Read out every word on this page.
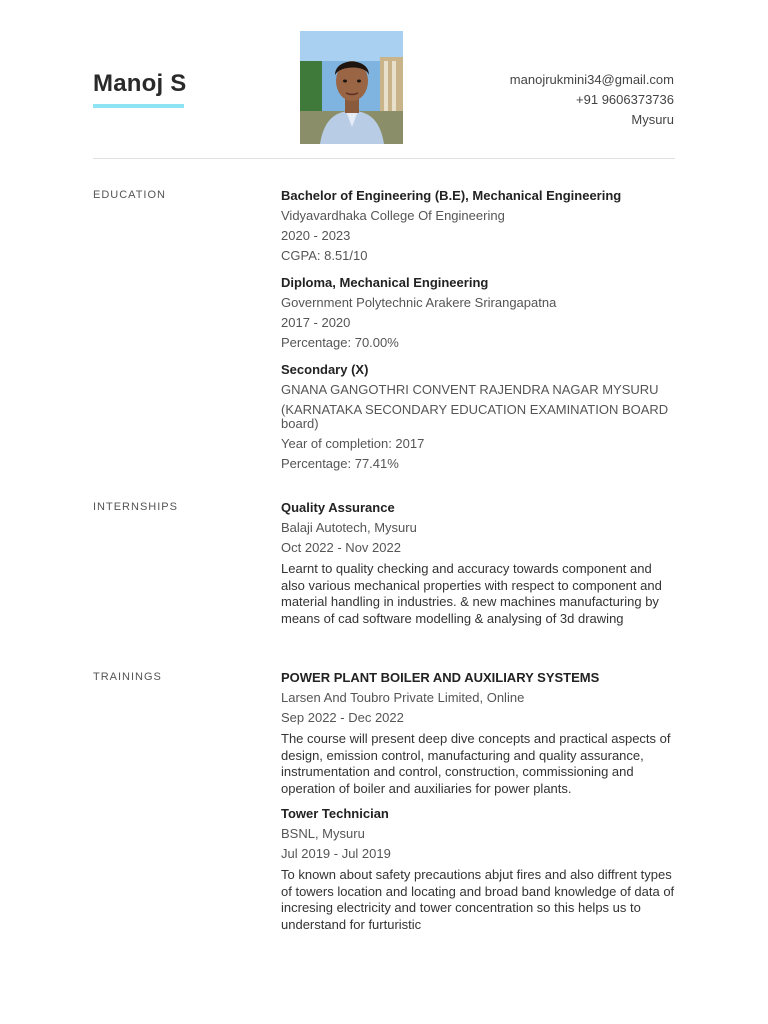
Manoj S	manojrukmini34@gmail.com
+91 9606373736
Mysuru
EDUCATION	Bachelor of Engineering (B.E), Mechanical Engineering
Vidyavardhaka College Of Engineering
2020 - 2023
CGPA: 8.51/10
Diploma, Mechanical Engineering
Government Polytechnic Arakere Srirangapatna
2017 - 2020
Percentage: 70.00%
Secondary (X)
GNANA GANGOTHRI CONVENT RAJENDRA NAGAR MYSURU
(KARNATAKA SECONDARY EDUCATION EXAMINATION BOARD board)
Year of completion: 2017
Percentage: 77.41%
INTERNSHIPS	Quality Assurance
Balaji Autotech, Mysuru
Oct 2022 - Nov 2022
Learnt to quality checking and accuracy towards component and also various mechanical properties with respect to component and material handling in industries. & new machines manufacturing by means of cad software modelling & analysing of 3d drawing
TRAININGS	POWER PLANT BOILER AND AUXILIARY SYSTEMS
Larsen And Toubro Private Limited, Online
Sep 2022 - Dec 2022
The course will present deep dive concepts and practical aspects of design, emission control, manufacturing and quality assurance, instrumentation and control, construction, commissioning and operation of boiler and auxiliaries for power plants.
Tower Technician
BSNL, Mysuru
Jul 2019 - Jul 2019
To known about safety precautions abjut fires and also diffrent types of towers location and locating and broad band knowledge of data of incresing electricity and tower concentration so this helps us to understand for furturistic
